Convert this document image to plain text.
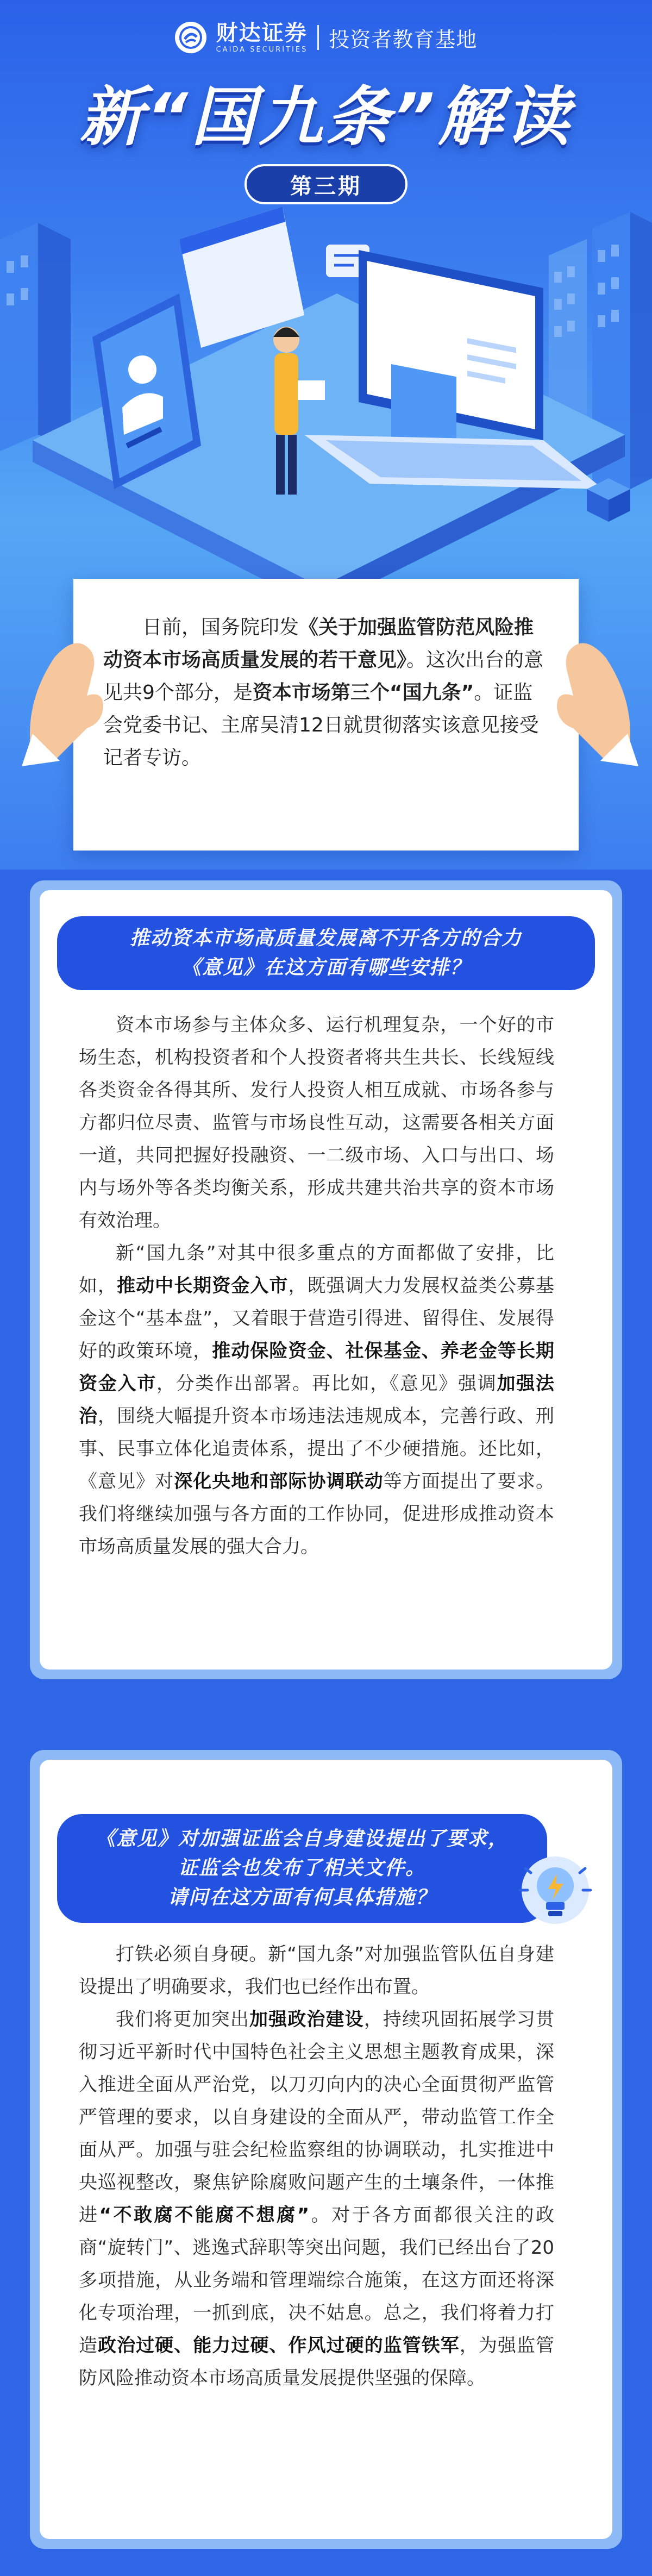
财达证券
CAIDA SECURITIES 投资者教育基地
新“国九条”解读
第三期
日前，国务院印发《关于加强监管防范风险推动资本市场高质量发展的若干意见》。这次出台的意见共9个部分，是资本市场第三个“国九条”。证监会党委书记、主席吴清12日就贯彻落实该意见接受记者专访。
推动资本市场高质量发展离不开各方的合力
《意见》在这方面有哪些安排？

资本市场参与主体众多、运行机理复杂，一个好的市场生态，机构投资者和个人投资者将共生共长、长线短线各类资金各得其所、发行人投资人相互成就、市场各参与方都归位尽责、监管与市场良性互动，这需要各相关方面一道，共同把握好投融资、一二级市场、入口与出口、场内与场外等各类均衡关系，形成共建共治共享的资本市场有效治理。

新“国九条”对其中很多重点的方面都做了安排，比如，推动中长期资金入市，既强调大力发展权益类公募基金这个“基本盘”，又着眼于营造引得进、留得住、发展得好的政策环境，推动保险资金、社保基金、养老金等长期资金入市，分类作出部署。再比如，《意见》强调加强法治，围绕大幅提升资本市场违法违规成本，完善行政、刑事、民事立体化追责体系，提出了不少硬措施。还比如，《意见》对深化央地和部际协调联动等方面提出了要求。我们将继续加强与各方面的工作协同，促进形成推动资本市场高质量发展的强大合力。

《意见》对加强证监会自身建设提出了要求，
证监会也发布了相关文件。
请问在这方面有何具体措施？

打铁必须自身硬。新“国九条”对加强监管队伍自身建设提出了明确要求，我们也已经作出布置。

我们将更加突出加强政治建设，持续巩固拓展学习贯彻习近平新时代中国特色社会主义思想主题教育成果，深入推进全面从严治党，以刀刃向内的决心全面贯彻严监管严管理的要求，以自身建设的全面从严，带动监管工作全面从严。加强与驻会纪检监察组的协调联动，扎实推进中央巡视整改，聚焦铲除腐败问题产生的土壤条件，一体推进“不敢腐不能腐不想腐”。对于各方面都很关注的政商“旋转门”、逃逸式辞职等突出问题，我们已经出台了20多项措施，从业务端和管理端综合施策，在这方面还将深化专项治理，一抓到底，决不姑息。总之，我们将着力打造政治过硬、能力过硬、作风过硬的监管铁军，为强监管防风险推动资本市场高质量发展提供坚强的保障。
